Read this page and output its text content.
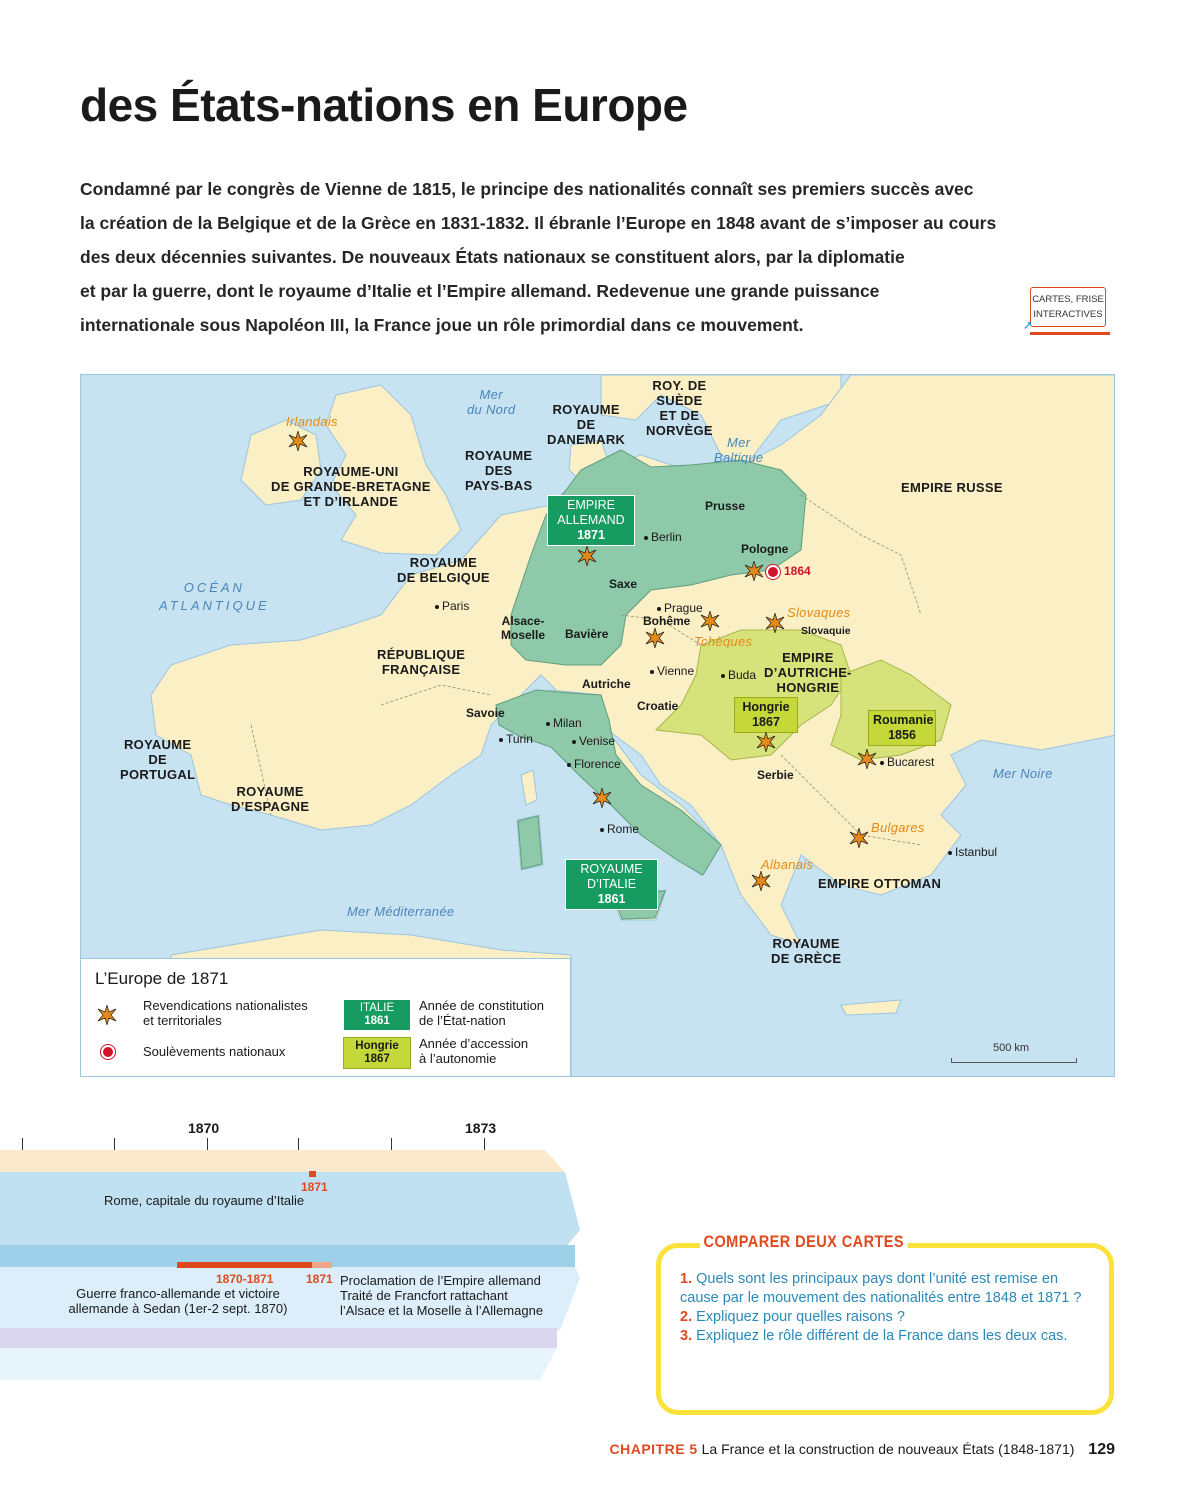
des États-nations en Europe
Condamné par le congrès de Vienne de 1815, le principe des nationalités connaît ses premiers succès avec
la création de la Belgique et de la Grèce en 1831-1832. Il ébranle l’Europe en 1848 avant de s’imposer au cours
des deux décennies suivantes. De nouveaux États nationaux se constituent alors, par la diplomatie
et par la guerre, dont le royaume d’Italie et l’Empire allemand. Redevenue une grande puissance
internationale sous Napoléon III, la France joue un rôle primordial dans ce mouvement.
CARTES, FRISE
INTERACTIVES
➚
Mer
du Nord
Mer
Baltique
OCÉAN
ATLANTIQUE
Mer Méditerranée
Mer Noire
ROYAUME-UNI
DE GRANDE-BRETAGNE
ET D’IRLANDE
ROYAUME
DES
PAYS-BAS
ROYAUME
DE
DANEMARK
ROY. DE
SUÈDE
ET DE
NORVÈGE
EMPIRE RUSSE
ROYAUME
DE BELGIQUE
RÉPUBLIQUE
FRANÇAISE
ROYAUME
DE
PORTUGAL
ROYAUME
D’ESPAGNE
EMPIRE
D’AUTRICHE-
HONGRIE
EMPIRE OTTOMAN
ROYAUME
DE GRÈCE
Prusse
Pologne
Saxe
Alsace-
Moselle Bavière
Bohême
Slovaquie
Autriche
Croatie
Savoie
Serbie
Irlandais
Slovaques
Tchèques
Bulgares
Albanais
Paris
Berlin
Prague
Vienne	Buda
Milan
Turin	Venise
Florence
Rome
Bucarest
Istanbul
EMPIRE
ALLEMAND
1871
ROYAUME
D’ITALIE
1861
Hongrie
1867	Roumanie
1856
1864
L’Europe de 1871
Revendications nationalistes
et territoriales
Soulèvements nationaux
ITALIE
1861
Année de constitution
de l’État-nation
Hongrie
1867
Année d’accession
à l’autonomie
500 km
1870	1873
1871
Rome, capitale du royaume d’Italie
1870-1871
Guerre franco-allemande et victoire
allemande à Sedan (1er-2 sept. 1870)
1871 Proclamation de l’Empire allemand
Traité de Francfort rattachant
l’Alsace et la Moselle à l’Allemagne
COMPARER DEUX CARTES
1. Quels sont les principaux pays dont l’unité est remise en cause par le mouvement des nationalités entre 1848 et 1871 ?
2. Expliquez pour quelles raisons ?
3. Expliquez le rôle différent de la France dans les deux cas.
CHAPITRE 5 La France et la construction de nouveaux États (1848-1871) 129
